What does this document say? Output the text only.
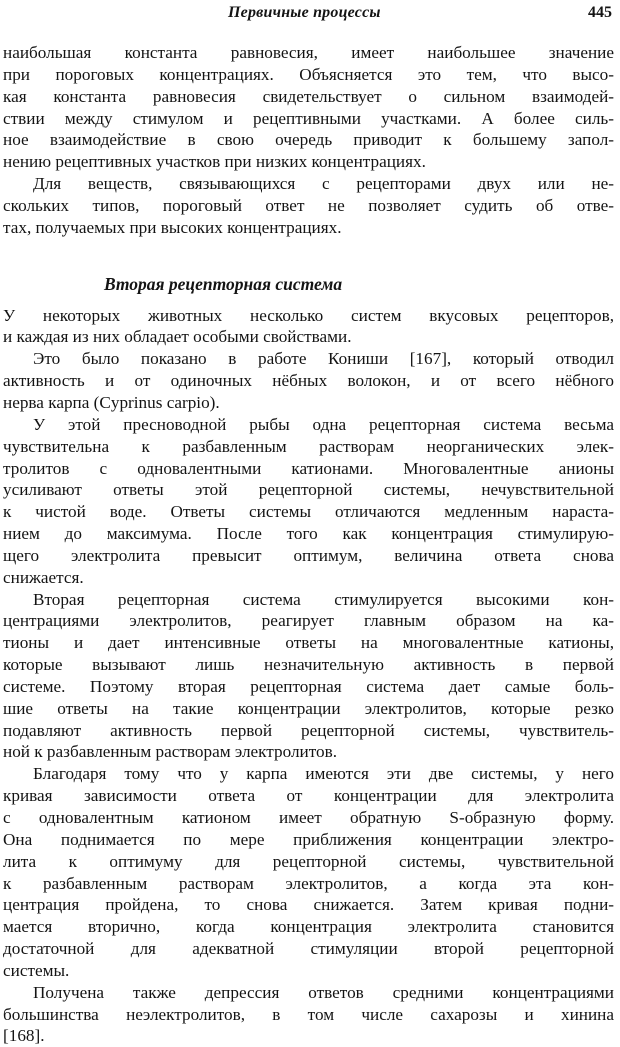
Первичные процессы	445

наибольшая константа равновесия, имеет наибольшее значение
при пороговых концентрациях. Объясняется это тем, что высо-
кая константа равновесия свидетельствует о сильном взаимодей-
ствии между стимулом и рецептивными участками. А более силь-
ное взаимодействие в свою очередь приводит к большему запол-
нению рецептивных участков при низких концентрациях.

Для веществ, связывающихся с рецепторами двух или не-
скольких типов, пороговый ответ не позволяет судить об отве-
тах, получаемых при высоких концентрациях.

Вторая рецепторная система

У некоторых животных несколько систем вкусовых рецепторов,
и каждая из них обладает особыми свойствами.

Это было показано в работе Кониши [167], который отводил
активность и от одиночных нёбных волокон, и от всего нёбного
нерва карпа (Cyprinus carpio).

У этой пресноводной рыбы одна рецепторная система весьма
чувствительна к разбавленным растворам неорганических элек-
тролитов с одновалентными катионами. Многовалентные анионы
усиливают ответы этой рецепторной системы, нечувствительной
к чистой воде. Ответы системы отличаются медленным нараста-
нием до максимума. После того как концентрация стимулирую-
щего электролита превысит оптимум, величина ответа снова
снижается.

Вторая рецепторная система стимулируется высокими кон-
центрациями электролитов, реагирует главным образом на ка-
тионы и дает интенсивные ответы на многовалентные катионы,
которые вызывают лишь незначительную активность в первой
системе. Поэтому вторая рецепторная система дает самые боль-
шие ответы на такие концентрации электролитов, которые резко
подавляют активность первой рецепторной системы, чувствитель-
ной к разбавленным растворам электролитов.

Благодаря тому что у карпа имеются эти две системы, у него
кривая зависимости ответа от концентрации для электролита
с одновалентным катионом имеет обратную S-образную форму.
Она поднимается по мере приближения концентрации электро-
лита к оптимуму для рецепторной системы, чувствительной
к разбавленным растворам электролитов, а когда эта кон-
центрация пройдена, то снова снижается. Затем кривая подни-
мается вторично, когда концентрация электролита становится
достаточной для адекватной стимуляции второй рецепторной
системы.

Получена также депрессия ответов средними концентрациями
большинства неэлектролитов, в том числе сахарозы и хинина
[168].
